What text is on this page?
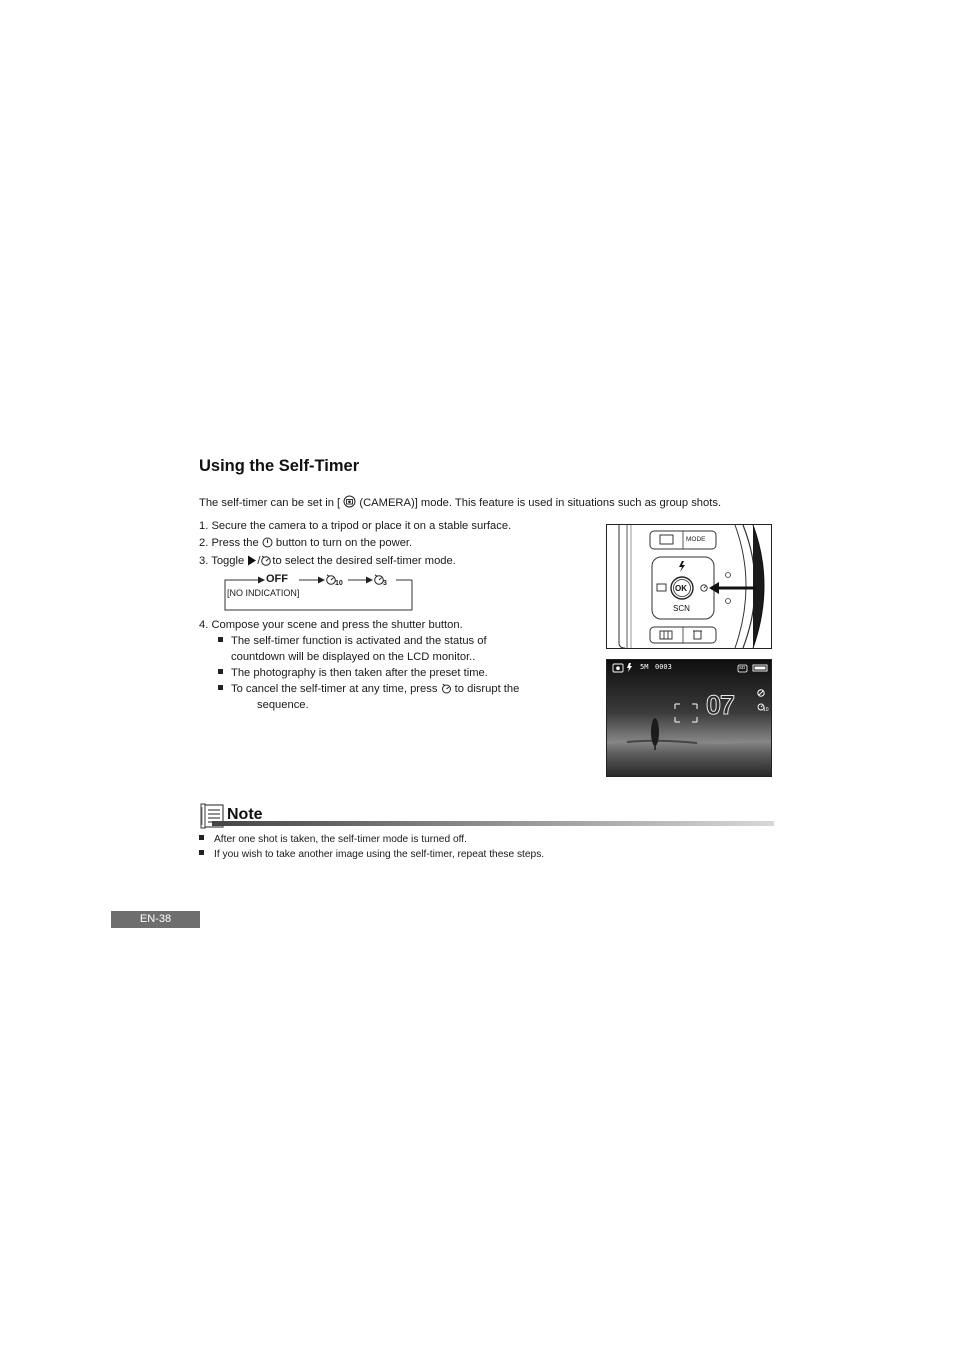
Using the Self-Timer
The self-timer can be set in [ (CAMERA)] mode. This feature is used in situations such as group shots.
1. Secure the camera to a tripod or place it on a stable surface.
2. Press the button to turn on the power.
3. Toggle / to select the desired self-timer mode.
OFF	10	3
[NO INDICATION]
4. Compose your scene and press the shutter button.
The self-timer function is activated and the status of
countdown will be displayed on the LCD monitor..
The photography is then taken after the preset time.
To cancel the self-timer at any time, press to disrupt the
sequence.
MODE
OK
SCN
5M 0003	SD
07	10
Note
After one shot is taken, the self-timer mode is turned off.
If you wish to take another image using the self-timer, repeat these steps.
EN-38
